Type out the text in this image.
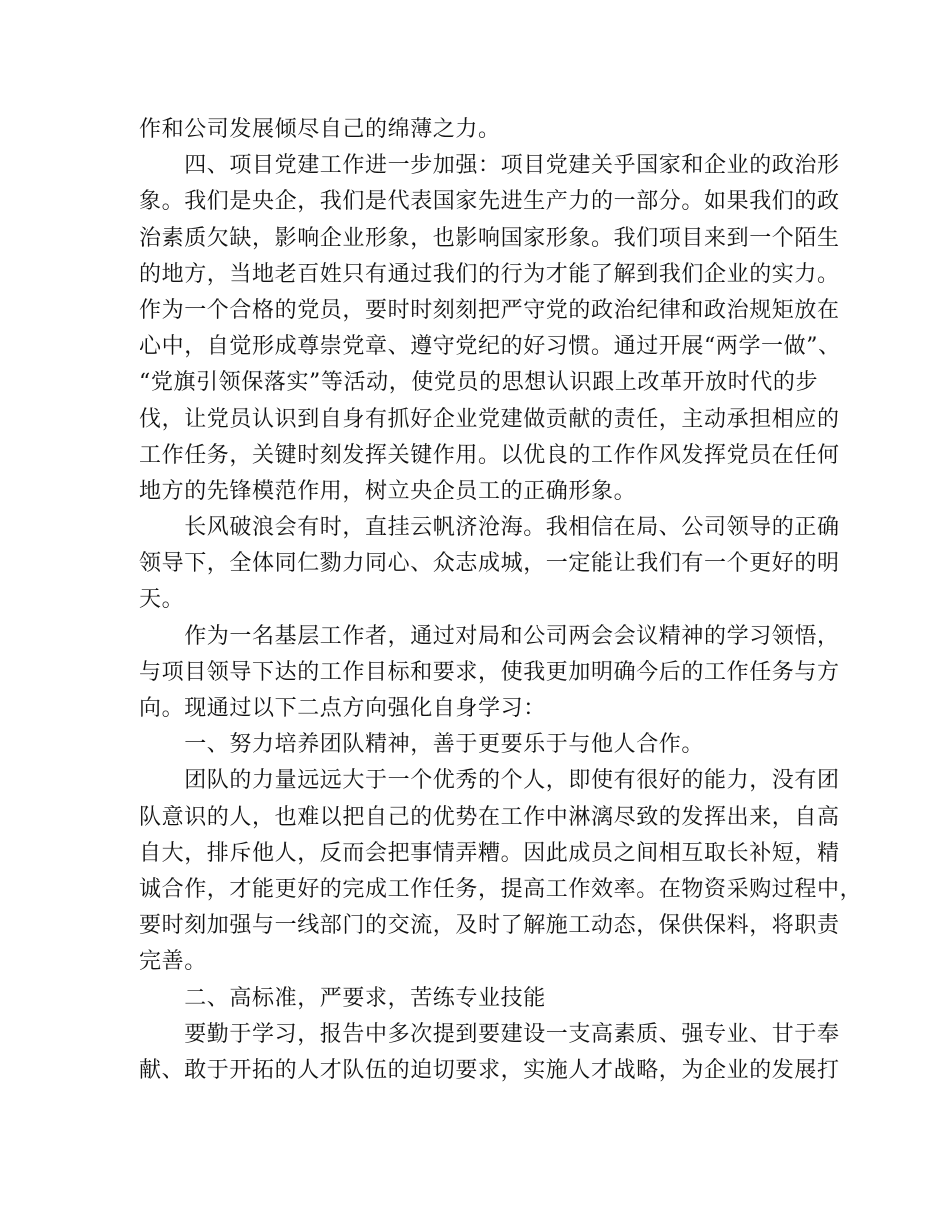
作和公司发展倾尽自己的绵薄之力。
　　四、项目党建工作进一步加强：项目党建关乎国家和企业的政治形
象。我们是央企，我们是代表国家先进生产力的一部分。如果我们的政
治素质欠缺，影响企业形象，也影响国家形象。我们项目来到一个陌生
的地方，当地老百姓只有通过我们的行为才能了解到我们企业的实力。
作为一个合格的党员，要时时刻刻把严守党的政治纪律和政治规矩放在
心中，自觉形成尊崇党章、遵守党纪的好习惯。通过开展“两学一做”、
“党旗引领保落实”等活动，使党员的思想认识跟上改革开放时代的步
伐，让党员认识到自身有抓好企业党建做贡献的责任，主动承担相应的
工作任务，关键时刻发挥关键作用。以优良的工作作风发挥党员在任何
地方的先锋模范作用，树立央企员工的正确形象。
　　长风破浪会有时，直挂云帆济沧海。我相信在局、公司领导的正确
领导下，全体同仁勠力同心、众志成城，一定能让我们有一个更好的明
天。
　　作为一名基层工作者，通过对局和公司两会会议精神的学习领悟，
与项目领导下达的工作目标和要求，使我更加明确今后的工作任务与方
向。现通过以下二点方向强化自身学习：
　　一、努力培养团队精神，善于更要乐于与他人合作。
　　团队的力量远远大于一个优秀的个人，即使有很好的能力，没有团
队意识的人，也难以把自己的优势在工作中淋漓尽致的发挥出来，自高
自大，排斥他人，反而会把事情弄糟。因此成员之间相互取长补短，精
诚合作，才能更好的完成工作任务，提高工作效率。在物资采购过程中，
要时刻加强与一线部门的交流，及时了解施工动态，保供保料，将职责
完善。
　　二、高标准，严要求，苦练专业技能
　　要勤于学习，报告中多次提到要建设一支高素质、强专业、甘于奉
献、敢于开拓的人才队伍的迫切要求，实施人才战略，为企业的发展打
